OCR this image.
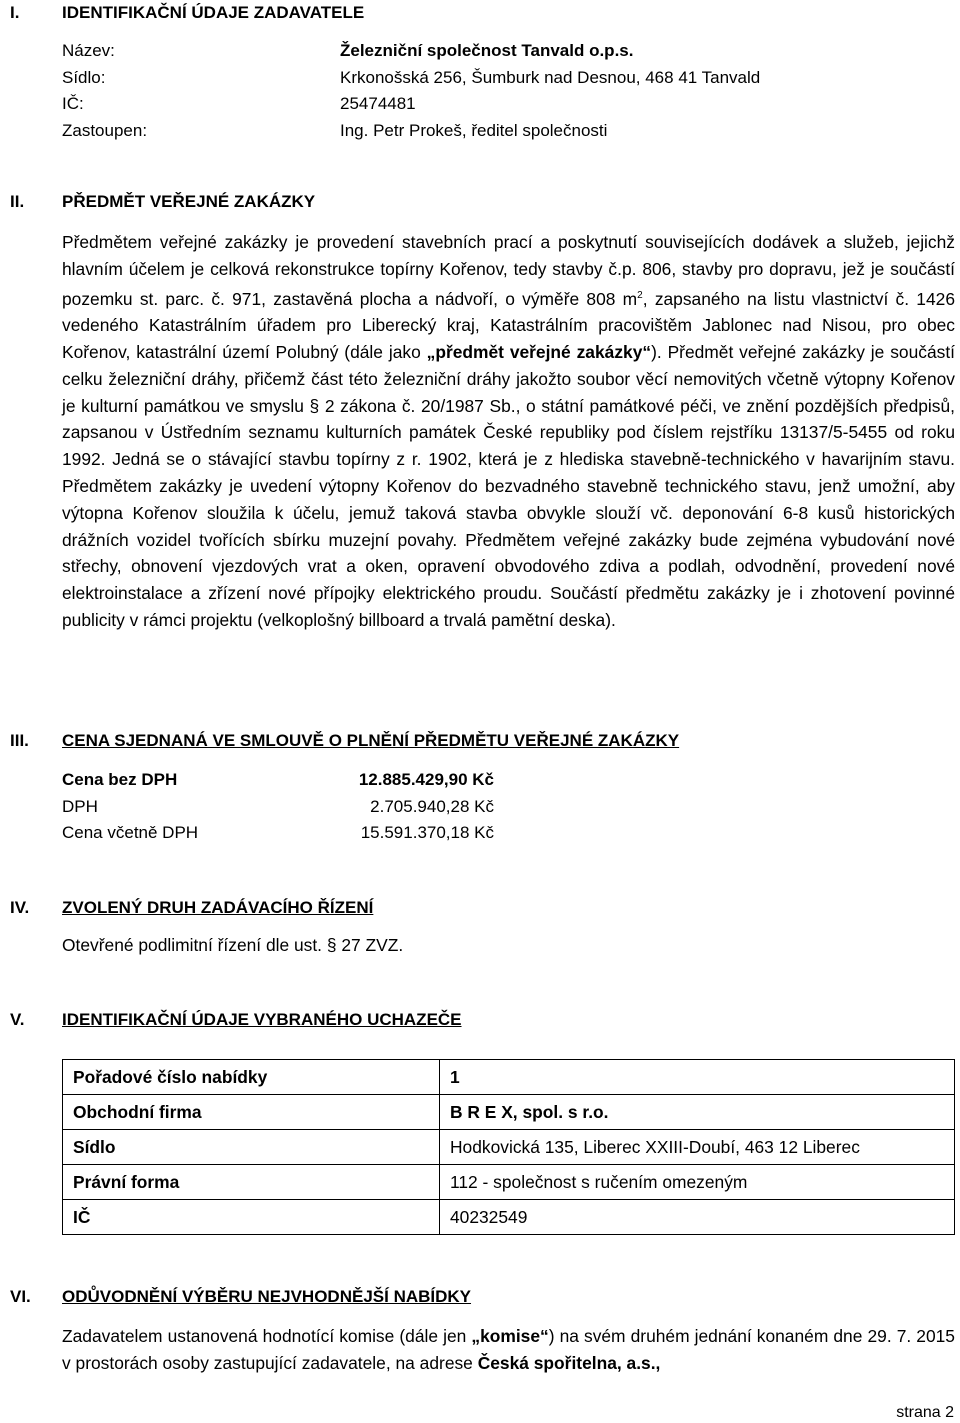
I.	IDENTIFIKAČNÍ ÚDAJE ZADAVATELE
Název:	Železniční společnost Tanvald o.p.s.
Sídlo:	Krkonošská 256, Šumburk nad Desnou, 468 41 Tanvald
IČ:	25474481
Zastoupen:	Ing. Petr Prokeš, ředitel společnosti
II. PŘEDMĚT VEŘEJNÉ ZAKÁZKY
Předmětem veřejné zakázky je provedení stavebních prací a poskytnutí souvisejících dodávek a služeb, jejichž hlavním účelem je celková rekonstrukce topírny Kořenov, tedy stavby č.p. 806, stavby pro dopravu, jež je součástí pozemku st. parc. č. 971, zastavěná plocha a nádvoří, o výměře 808 $m^2$, zapsaného na listu vlastnictví č. 1426 vedeného Katastrálním úřadem pro Liberecký kraj, Katastrálním pracovištěm Jablonec nad Nisou, pro obec Kořenov, katastrální území Polubný (dále jako „předmět veřejné zakázky“). Předmět veřejné zakázky je součástí celku železniční dráhy, přičemž část této železniční dráhy jakožto soubor věcí nemovitých včetně výtopny Kořenov je kulturní památkou ve smyslu § 2 zákona č. 20/1987 Sb., o státní památkové péči, ve znění pozdějších předpisů, zapsanou v Ústředním seznamu kulturních památek České republiky pod číslem rejstříku 13137/5-5455 od roku 1992. Jedná se o stávající stavbu topírny z r. 1902, která je z hlediska stavebně-technického v havarijním stavu. Předmětem zakázky je uvedení výtopny Kořenov do bezvadného stavebně technického stavu, jenž umožní, aby výtopna Kořenov sloužila k účelu, jemuž taková stavba obvykle slouží vč. deponování 6-8 kusů historických drážních vozidel tvořících sbírku muzejní povahy. Předmětem veřejné zakázky bude zejména vybudování nové střechy, obnovení vjezdových vrat a oken, opravení obvodového zdiva a podlah, odvodnění, provedení nové elektroinstalace a zřízení nové přípojky elektrického proudu. Součástí předmětu zakázky je i zhotovení povinné publicity v rámci projektu (velkoplošný billboard a trvalá pamětní deska).
III. CENA SJEDNANÁ VE SMLOUVĚ O PLNĚNÍ PŘEDMĚTU VEŘEJNÉ ZAKÁZKY
Cena bez DPH	12.885.429,90 Kč
DPH	2.705.940,28 Kč
Cena včetně DPH	15.591.370,18 Kč
IV. ZVOLENÝ DRUH ZADÁVACÍHO ŘÍZENÍ
Otevřené podlimitní řízení dle ust. § 27 ZVZ.
V. IDENTIFIKAČNÍ ÚDAJE VYBRANÉHO UCHAZEČE
Pořadové číslo nabídky	1
Obchodní firma	B R E X, spol. s r.o.
Sídlo	Hodkovická 135, Liberec XXIII-Doubí, 463 12 Liberec
Právní forma	112 - společnost s ručením omezeným
IČ	40232549
VI. ODŮVODNĚNÍ VÝBĚRU NEJVHODNĚJŠÍ NABÍDKY
Zadavatelem ustanovená hodnotící komise (dále jen „komise“) na svém druhém jednání konaném dne 29. 7. 2015 v prostorách osoby zastupující zadavatele, na adrese Česká spořitelna, a.s.,
strana 2
